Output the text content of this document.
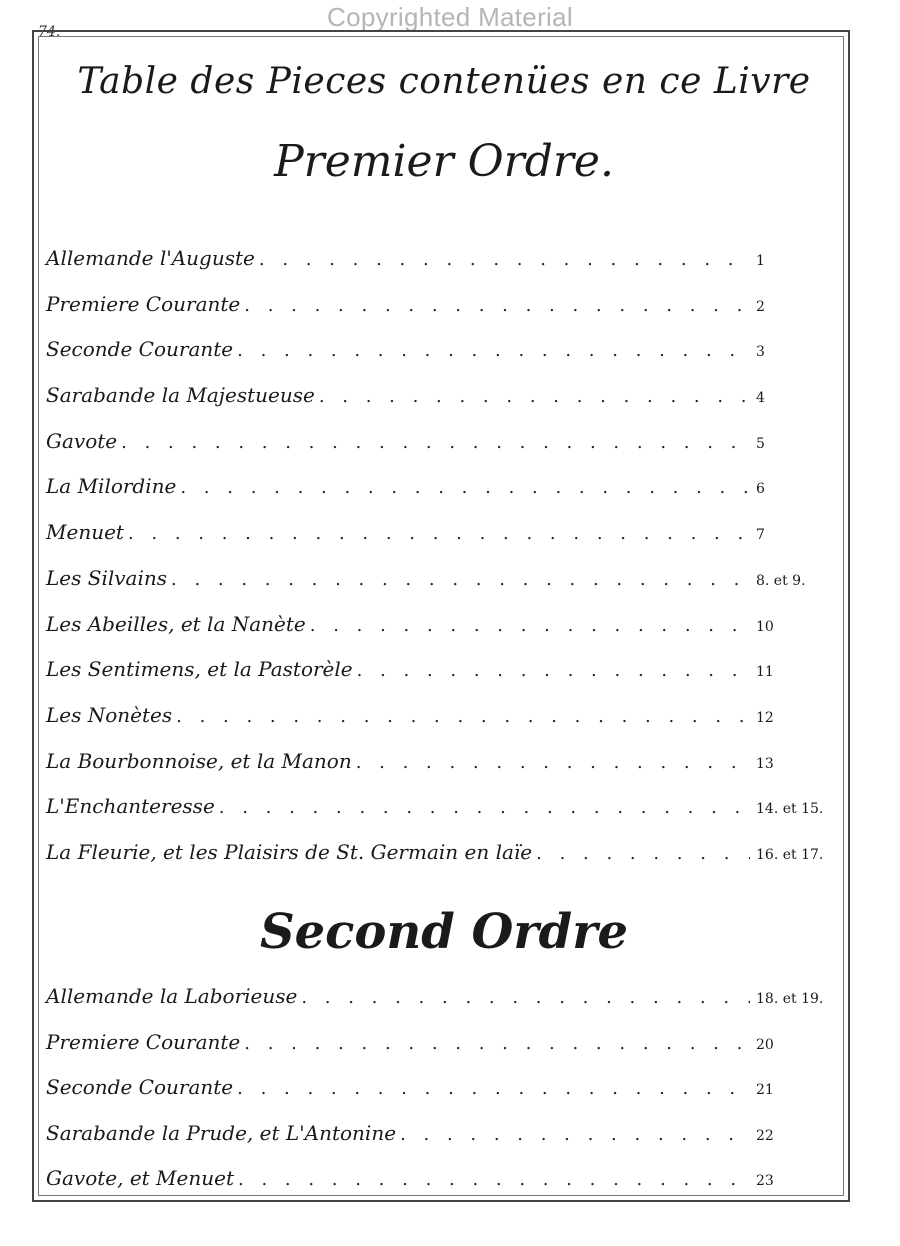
Copyrighted Material
74.
Table des Pieces contenües en ce Livre
Premier Ordre.
Allemande l'Auguste . . .	1
Premiere Courante . . .	2
Seconde Courante . . .	3
Sarabande la Majestueuse . . .	4
Gavote . . .	5
La Milordine . . .	6
Menuet . . .	7
Les Silvains . . .	8. et 9.
Les Abeilles, et la Nanète . . .	10
Les Sentimens, et la Pastorèle . . .	11
Les Nonètes . . .	12
La Bourbonnoise, et la Manon . . .	13
L'Enchanteresse . . .	14. et 15.
La Fleurie, et les Plaisirs de St. Germain en laïe . . .	16. et 17.
Second Ordre
Allemande la Laborieuse . . .	18. et 19.
Premiere Courante . . .	20
Seconde Courante . . .	21
Sarabande la Prude, et L'Antonine . . .	22
Gavote, et Menuet . . .	23
